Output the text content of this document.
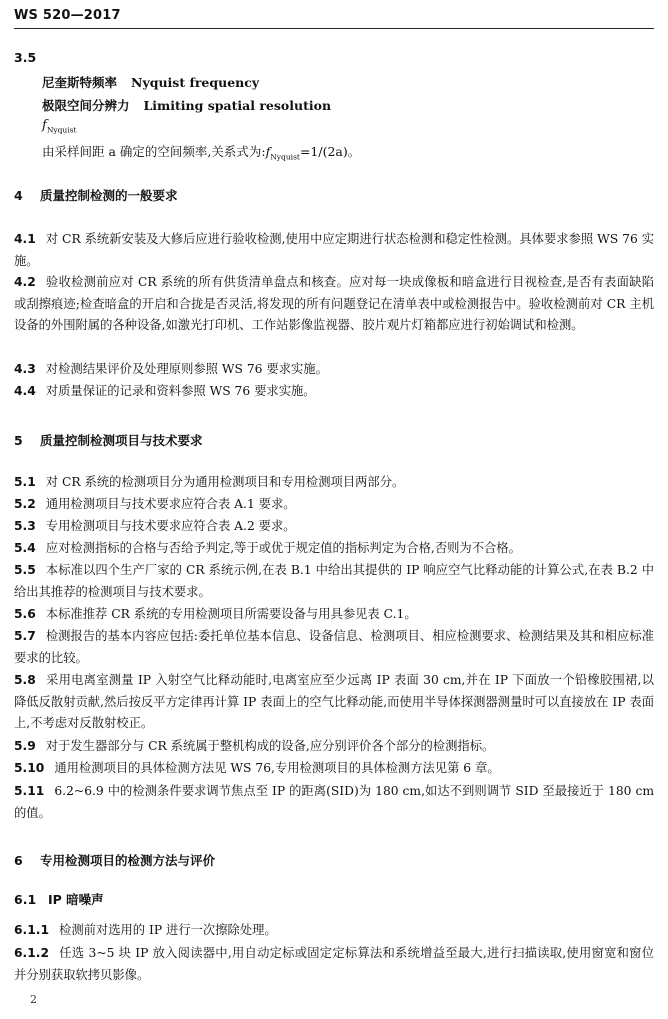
WS 520—2017
3.5
尼奎斯特频率 Nyquist frequency
极限空间分辨力 Limiting spatial resolution
$f_{Nyquist}$
由采样间距 a 确定的空间频率,关系式为$:f_{Nyquist}=1/(2a)$。
4 质量控制检测的一般要求
4.1 对 CR 系统新安装及大修后应进行验收检测,使用中应定期进行状态检测和稳定性检测。具体要求参照 WS 76 实施。
4.2 验收检测前应对 CR 系统的所有供货清单盘点和核查。应对每一块成像板和暗盒进行目视检查,是否有表面缺陷或刮擦痕迹;检查暗盒的开启和合拢是否灵活,将发现的所有问题登记在清单表中或检测报告中。验收检测前对 CR 主机设备的外围附属的各种设备,如激光打印机、工作站影像监视器、胶片观片灯箱都应进行初始调试和检测。
4.3 对检测结果评价及处理原则参照 WS 76 要求实施。
4.4 对质量保证的记录和资料参照 WS 76 要求实施。
5 质量控制检测项目与技术要求
5.1 对 CR 系统的检测项目分为通用检测项目和专用检测项目两部分。
5.2 通用检测项目与技术要求应符合表 A.1 要求。
5.3 专用检测项目与技术要求应符合表 A.2 要求。
5.4 应对检测指标的合格与否给予判定,等于或优于规定值的指标判定为合格,否则为不合格。
5.5 本标准以四个生产厂家的 CR 系统示例,在表 B.1 中给出其提供的 IP 响应空气比释动能的计算公式,在表 B.2 中给出其推荐的检测项目与技术要求。
5.6 本标准推荐 CR 系统的专用检测项目所需要设备与用具参见表 C.1。
5.7 检测报告的基本内容应包括:委托单位基本信息、设备信息、检测项目、相应检测要求、检测结果及其和相应标准要求的比较。
5.8 采用电离室测量 IP 入射空气比释动能时,电离室应至少远离 IP 表面 30 cm,并在 IP 下面放一个铅橡胶围裙,以降低反散射贡献,然后按反平方定律再计算 IP 表面上的空气比释动能,而使用半导体探测器测量时可以直接放在 IP 表面上,不考虑对反散射校正。
5.9 对于发生器部分与 CR 系统属于整机构成的设备,应分别评价各个部分的检测指标。
5.10 通用检测项目的具体检测方法见 WS 76,专用检测项目的具体检测方法见第 6 章。
5.11 6.2~6.9 中的检测条件要求调节焦点至 IP 的距离(SID)为 180 cm,如达不到则调节 SID 至最接近于 180 cm 的值。
6 专用检测项目的检测方法与评价
6.1 IP 暗噪声
6.1.1 检测前对选用的 IP 进行一次擦除处理。
6.1.2 任选 3~5 块 IP 放入阅读器中,用自动定标或固定定标算法和系统增益至最大,进行扫描读取,使用窗宽和窗位并分别获取软拷贝影像。
2
